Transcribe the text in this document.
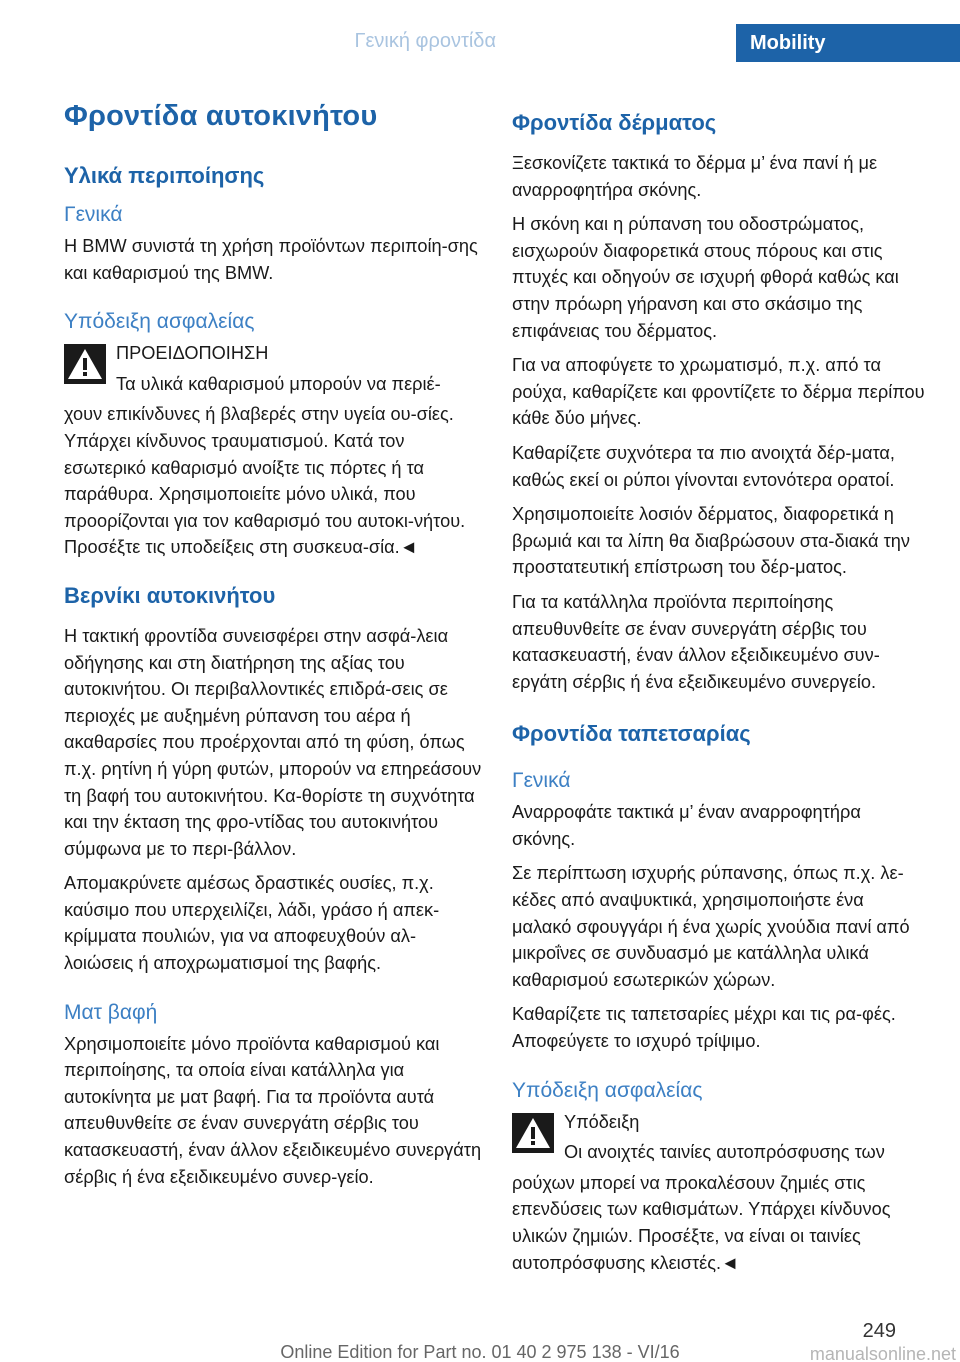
Γενική φροντίδα	Mobility
Φροντίδα αυτοκινήτου
Υλικά περιποίησης
Γενικά
Η BMW συνιστά τη χρήση προϊόντων περιποίη-σης και καθαρισμού της BMW.
Υπόδειξη ασφαλείας
ΠΡΟΕΙΔΟΠΟΙΗΣΗ
Τα υλικά καθαρισμού μπορούν να περιέ-
χουν επικίνδυνες ή βλαβερές στην υγεία ου-σίες. Υπάρχει κίνδυνος τραυματισμού. Κατά τον εσωτερικό καθαρισμό ανοίξτε τις πόρτες ή τα παράθυρα. Χρησιμοποιείτε μόνο υλικά, που προορίζονται για τον καθαρισμό του αυτοκι-νήτου. Προσέξτε τις υποδείξεις στη συσκευα-σία.◄
Βερνίκι αυτοκινήτου
Η τακτική φροντίδα συνεισφέρει στην ασφά-λεια οδήγησης και στη διατήρηση της αξίας του αυτοκινήτου. Οι περιβαλλοντικές επιδρά-σεις σε περιοχές με αυξημένη ρύπανση του αέρα ή ακαθαρσίες που προέρχονται από τη φύση, όπως π.χ. ρητίνη ή γύρη φυτών, μπορούν να επηρεάσουν τη βαφή του αυτοκινήτου. Κα-θορίστε τη συχνότητα και την έκταση της φρο-ντίδας του αυτοκινήτου σύμφωνα με το περι-βάλλον.
Απομακρύνετε αμέσως δραστικές ουσίες, π.χ. καύσιμο που υπερχειλίζει, λάδι, γράσο ή απεκ-κρίμματα πουλιών, για να αποφευχθούν αλ-λοιώσεις ή αποχρωματισμοί της βαφής.
Ματ βαφή
Χρησιμοποιείτε μόνο προϊόντα καθαρισμού και περιποίησης, τα οποία είναι κατάλληλα για αυτοκίνητα με ματ βαφή. Για τα προϊόντα αυτά απευθυνθείτε σε έναν συνεργάτη σέρβις του κατασκευαστή, έναν άλλον εξειδικευμένο συνεργάτη σέρβις ή ένα εξειδικευμένο συνερ-γείο.
Φροντίδα δέρματος
Ξεσκονίζετε τακτικά το δέρμα μ’ ένα πανί ή με αναρροφητήρα σκόνης.
Η σκόνη και η ρύπανση του οδοστρώματος, εισχωρούν διαφορετικά στους πόρους και στις πτυχές και οδηγούν σε ισχυρή φθορά καθώς και στην πρόωρη γήρανση και στο σκάσιμο της επιφάνειας του δέρματος.
Για να αποφύγετε το χρωματισμό, π.χ. από τα ρούχα, καθαρίζετε και φροντίζετε το δέρμα περίπου κάθε δύο μήνες.
Καθαρίζετε συχνότερα τα πιο ανοιχτά δέρ-ματα, καθώς εκεί οι ρύποι γίνονται εντονότερα ορατοί.
Χρησιμοποιείτε λοσιόν δέρματος, διαφορετικά η βρωμιά και τα λίπη θα διαβρώσουν στα-διακά την προστατευτική επίστρωση του δέρ-ματος.
Για τα κατάλληλα προϊόντα περιποίησης απευθυνθείτε σε έναν συνεργάτη σέρβις του κατασκευαστή, έναν άλλον εξειδικευμένο συν-εργάτη σέρβις ή ένα εξειδικευμένο συνεργείο.
Φροντίδα ταπετσαρίας
Γενικά
Αναρροφάτε τακτικά μ’ έναν αναρροφητήρα σκόνης.
Σε περίπτωση ισχυρής ρύπανσης, όπως π.χ. λε-κέδες από αναψυκτικά, χρησιμοποιήστε ένα μαλακό σφουγγάρι ή ένα χωρίς χνούδια πανί από μικροΐνες σε συνδυασμό με κατάλληλα υλικά καθαρισμού εσωτερικών χώρων.
Καθαρίζετε τις ταπετσαρίες μέχρι και τις ρα-φές. Αποφεύγετε το ισχυρό τρίψιμο.
Υπόδειξη ασφαλείας
Υπόδειξη
Οι ανοιχτές ταινίες αυτοπρόσφυσης των
ρούχων μπορεί να προκαλέσουν ζημιές στις επενδύσεις των καθισμάτων. Υπάρχει κίνδυνος υλικών ζημιών. Προσέξτε, να είναι οι ταινίες αυτοπρόσφυσης κλειστές.◄
249
Online Edition for Part no. 01 40 2 975 138 - VI/16	manualsonline.net
